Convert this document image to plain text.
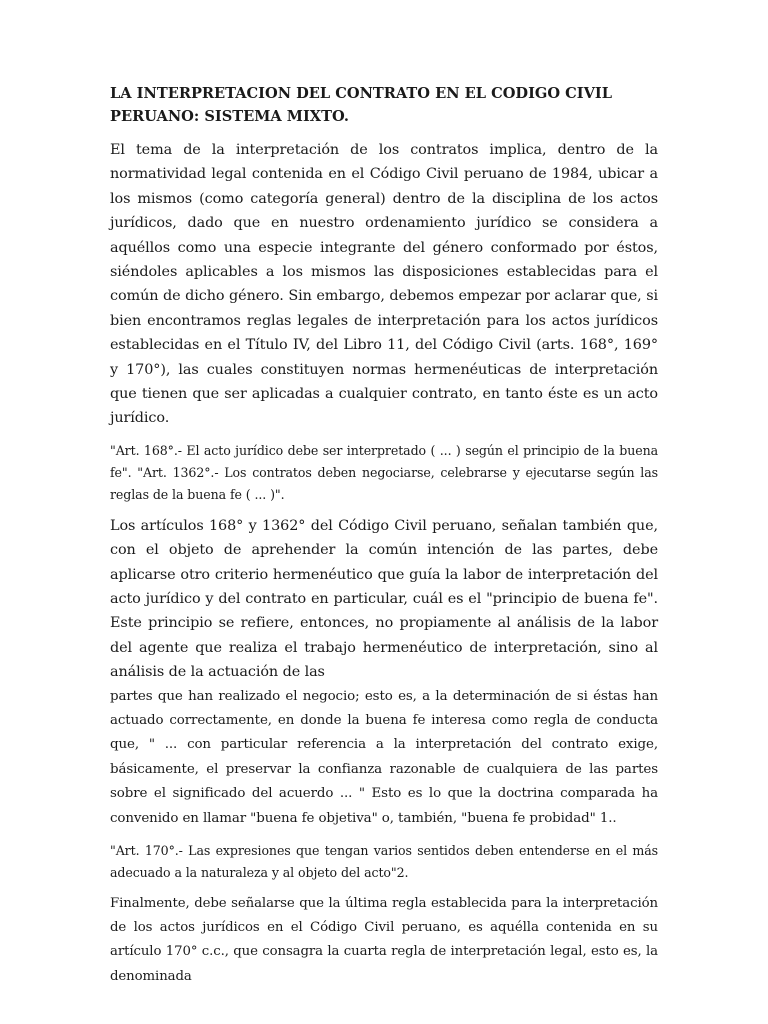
LA INTERPRETACION DEL CONTRATO EN EL CODIGO CIVIL PERUANO: SISTEMA MIXTO.

El tema de la interpretación de los contratos implica, dentro de la normatividad legal contenida en el Código Civil peruano de 1984, ubicar a los mismos (como categoría general) dentro de la disciplina de los actos jurídicos, dado que en nuestro ordenamiento jurídico se considera a aquéllos como una especie integrante del género conformado por éstos, siéndoles aplicables a los mismos las disposiciones establecidas para el común de dicho género. Sin embargo, debemos empezar por aclarar que, si bien encontramos reglas legales de interpretación para los actos jurídicos establecidas en el Título IV, del Libro 11, del Código Civil (arts. 168°, 169° y 170°), las cuales constituyen normas hermenéuticas de interpretación que tienen que ser aplicadas a cualquier contrato, en tanto éste es un acto jurídico.

"Art. 168°.- El acto jurídico debe ser interpretado ( ... ) según el principio de la buena fe". "Art. 1362°.- Los contratos deben negociarse, celebrarse y ejecutarse según las reglas de la buena fe ( ... )".

Los artículos 168° y 1362° del Código Civil peruano, señalan también que, con el objeto de aprehender la común intención de las partes, debe aplicarse otro criterio hermenéutico que guía la labor de interpretación del acto jurídico y del contrato en particular, cuál es el "principio de buena fe". Este principio se refiere, entonces, no propiamente al análisis de la labor del agente que realiza el trabajo hermenéutico de interpretación, sino al análisis de la actuación de las

partes que han realizado el negocio; esto es, a la determinación de si éstas han actuado correctamente, en donde la buena fe interesa como regla de conducta que, " ... con particular referencia a la interpretación del contrato exige, básicamente, el preservar la confianza razonable de cualquiera de las partes sobre el significado del acuerdo ... " Esto es lo que la doctrina comparada ha convenido en llamar "buena fe objetiva" o, también, "buena fe probidad" 1..

"Art. 170°.- Las expresiones que tengan varios sentidos deben entenderse en el más adecuado a la naturaleza y al objeto del acto"2.

Finalmente, debe señalarse que la última regla establecida para la interpretación de los actos jurídicos en el Código Civil peruano, es aquélla contenida en su artículo 170° c.c., que consagra la cuarta regla de interpretación legal, esto es, la denominada
